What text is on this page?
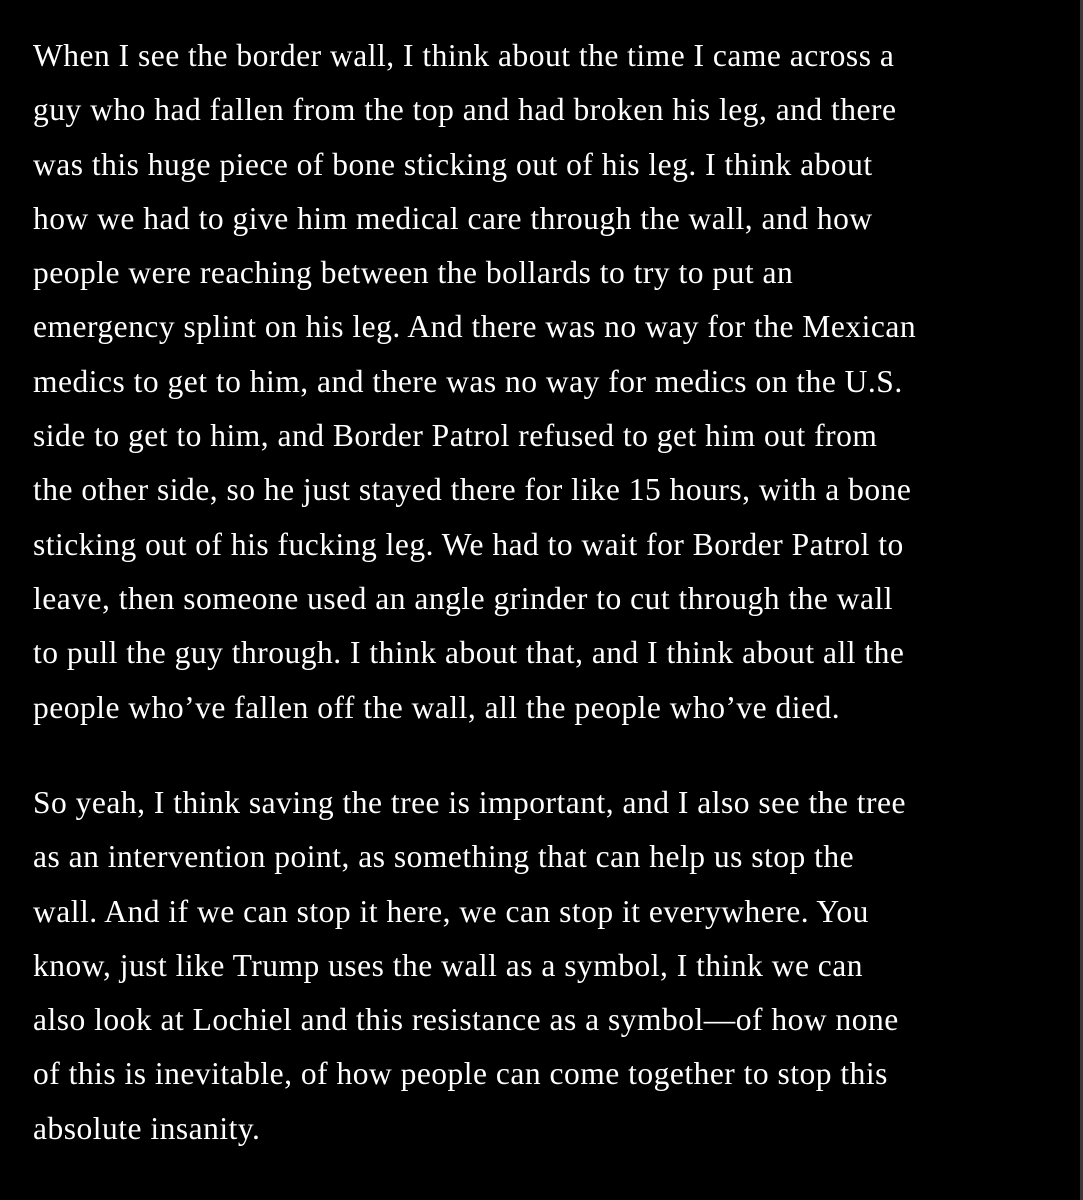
When I see the border wall, I think about the time I came across a
guy who had fallen from the top and had broken his leg, and there
was this huge piece of bone sticking out of his leg. I think about
how we had to give him medical care through the wall, and how
people were reaching between the bollards to try to put an
emergency splint on his leg. And there was no way for the Mexican
medics to get to him, and there was no way for medics on the U.S.
side to get to him, and Border Patrol refused to get him out from
the other side, so he just stayed there for like 15 hours, with a bone
sticking out of his fucking leg. We had to wait for Border Patrol to
leave, then someone used an angle grinder to cut through the wall
to pull the guy through. I think about that, and I think about all the
people who’ve fallen off the wall, all the people who’ve died.

So yeah, I think saving the tree is important, and I also see the tree
as an intervention point, as something that can help us stop the
wall. And if we can stop it here, we can stop it everywhere. You
know, just like Trump uses the wall as a symbol, I think we can
also look at Lochiel and this resistance as a symbol—of how none
of this is inevitable, of how people can come together to stop this
absolute insanity.
